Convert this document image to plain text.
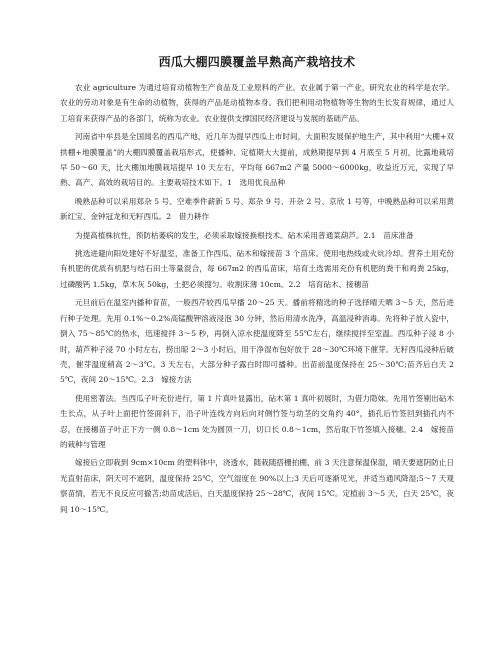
西瓜大棚四膜覆盖早熟高产栽培技术

农业 agriculture 为通过培育动植物生产食品及工业原料的产业。农业属于第一产业，研究农业的科学是农学。农业的劳动对象是有生命的动植物，获得的产品是动植物本身。我们把利用动物植物等生物的生长发育规律，通过人工培育来获得产品的各部门，统称为农业。农业提供支撑国民经济建设与发展的基础产品。

河南省中牟县是全国闻名的西瓜产地，近几年为提早西瓜上市时间，大面积发展保护地生产，其中利用“大棚+双拱棚+地膜覆盖”的大棚四膜覆盖栽培形式，使播种、定植期大大提前，成熟期提早到 4 月底至 5 月初，比露地栽培早 50～60 天，比大棚加地膜栽培提早 10 天左右，平均每 667m2 产量 5000～6000kg，收益近万元，实现了早熟、高产、高效的栽培目的。主要栽培技术如下。1　选用优良品种

晚熟品种可以采用郑杂 5 号、空难季件薪新 5 号、郑杂 9 号、开杂 2 号、京欣 1 号等，中晚熟品种可以采用黄新红宝、金钟冠龙和无籽西瓜。2　借力耕作

为提高植株抗性，预防枯萎病的发生，必须采取嫁接换根技术。砧木采用普通菜葫芦。2.1　苗床准备

挑选进避向阳处建好不好温室，准备工作西瓜、砧木和嫁接苗 3 个苗床。使用电热线或火炕冷却。营养土用充份有机肥的优质有机肥与结石田土等量混合，每 667m2 的西瓜苗床，培育土选需用充份有机肥的粪干和鸡粪 25kg，过磷酸钙 1.5kg，草木灰 50kg，土把必须搜匀。收割床薄 10cm。2.2　培育砧木、接穗苗

元旦前后在温室内播种育苗，一般西芹较西瓜早播 20～25 天。播前将精选的种子选择晴天晒 3～5 天，然后进行种子处理。先用 0.1%～0.2%高锰酸钾溶液浸泡 30 分钟，然后用清水洗净，高温浸种消毒。先将种子放入瓷中，倒入 75～85℃的热水，迅速搅拌 3～5 秒，再倒入凉水使温度降至 55℃左右，继续搅拌至室温。西瓜种子浸 8 小时，葫芦种子浸 70 小时左右，捞出晾 2～3 小时后，用干净湿布包好放于 28～30℃环境下催芽。无籽西瓜浸种后破壳，催芽温度稍高 2～3℃。3 天左右，大部分种子露白时即可播种。出苗前温度保持在 25～30℃;苗齐后白天 25℃，夜间 20～15℃。2.3　嫁接方法

使用密著法。当西瓜子叶充份进行，第 1 片真叶显露出，砧木第 1 真叶初展时，为借力隐妹。先用竹签剔出砧木生长点，从子叶上面把竹签面斜下，沿子叶连线方向后向对侧竹签与幼茎的交角约 40°，插孔后竹签回到插孔内不忍，在接穗苗子叶正下方一侧 0.8～1cm 处为圆顶一刀，切口长 0.8～1cm，然后取下竹签填入接穗。2.4　嫁接苗的栽种与管理

嫁接后立即栽到 9cm×10cm 的塑料钵中，浇透水，随栽随搭栅拍棚，前 3 天注意保温保湿，晴天要遮阴防止日光直射苗床，阴天可不遮阴，温度保持 25℃，空气湿度在 90%以上;3 天后可逐渐见光，并适当通风降湿;5～7 天观察苗情，若无不良反应可撤苫;幼苗成活后，白天温度保持 25～28℃，夜间 15℃。定植前 3～5 天，白天 25℃，夜间 10～15℃。
